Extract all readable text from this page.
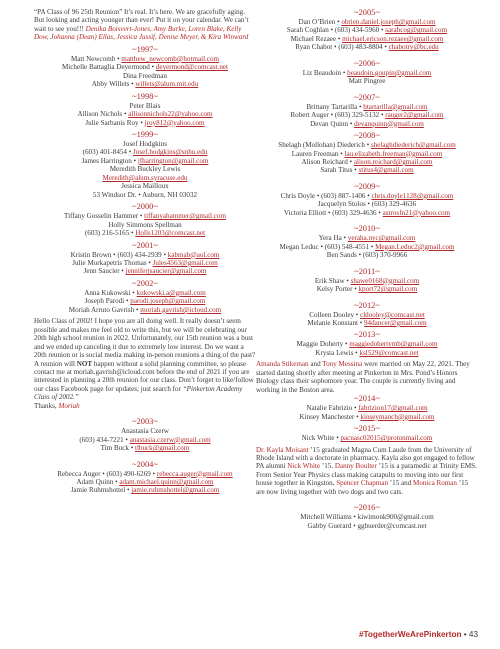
“PA Class of 96 25th Reunion” It’s real. It’s here. We are gracefully aging. But looking and acting younger than ever! Put it on your calendar. We can’t wait to see you!!! Denika Boisvert-Jones, Amy Burke, Loren Blake, Kelly Dow, Johanna (Dean) Ellas, Jessica Jussif, Denise Meyer, & Kira Winward

~1997~
Matt Newcomb • matthew_newcomb@hotmail.com
Michelle Battaglia Deyermond • deyermond@comcast.net
Dina Freedman
Abby Willets • willets@alum.mit.edu
~1998~
Peter Blais
Allison Nichols • allisonnichols22@yahoo.com
Julie Sarbanis Roy • jroy812@yahoo.com
~1999~
Josef Hodgkins
(603) 401-8454 • Josef.hodgkins@snhu.edu
James Harrington • jfharrington@gmail.com
Meredith Buckley Lewis
Meredith@alum.syracuse.edu
Jessica Mailloux
53 Windsor Dr. • Auburn, NH 03032
~2000~
Tiffany Gosselin Hammer • tiffanyahammer@gmail.com
Holly Simmons Spellman
(603) 216-5165 • Holls1203@comcast.net
~2001~
Kristin Brown • (603) 434-2939 • kabmab@aol.com
Julie Morkapetris Thomas • Jules4563@gmail.com
Jenn Saucier • jenniferjsaucier@gmail.com
~2002~
Anna Kukowski • kukowski.a@gmail.com
Joseph Parodi • parodi.joseph@gmail.com
Moriah Arruto Gavrish • moriah.gavrish@icloud.com

Hello Class of 2002! I hope you are all doing well. It really doesn’t seem possible and makes me feel old to write this, but we will be celebrating our 20th high school reunion in 2022. Unfortunately, our 15th reunion was a bust and we ended up canceling it due to extremely low interest. Do we want a 20th reunion or is social media making in-person reunions a thing of the past? A reunion will NOT happen without a solid planning committee, so please contact me at moriah.gavrish@icloud.com before the end of 2021 if you are interested in planning a 20th reunion for our class. Don’t forget to like/follow our class Facebook page for updates; just search for “Pinkerton Academy Class of 2002.”

Thanks, Moriah
~2003~
Anastasia Czerw
(603) 434-7221 • anastasia.czerw@gmail.com
Tim Buck • tlbuck@gmail.com
~2004~
Rebecca Auger • (603) 490-6269 • rebecca.auger@gmail.com
Adam Quinn • adam.michael.quinn@gmail.com
Jamie Ruhmshottel • jamie.ruhmshottel@gmail.com
~2005~
Dan O’Brien • obrien.daniel.joseph@gmail.com
Sarah Coghlan • (603) 434-5960 • sarahcog@gmail.com
Michael Rezaee • michael.ericson.rezaee@gmail.com
Ryan Chabot • (603) 483-8804 • chabotry@bc.edu
~2006~
Liz Beaudoin • beaudoin.goupin@gmail.com
Matt Pingree
~2007~
Brittany Tartarilla • btartarilla@gmail.com
Robert Auger • (603) 329-5132 • rauger2@gmail.com
Devan Quinn • devanquinn@gmail.com
~2008~
Shelagh (Mollohan) Diederich • shelaghdiederich@gmail.com
Lauren Freeman • lau.elizabeth.freeman@gmail.com
Alison Reichard • alison.reichard@gmail.com
Sarah Titus • stitus4@gmail.com
~2009~
Chris Doyle • (603) 887-1406 • chris.doyle1128@gmail.com
Jacquelyn Stolos • (603) 329-4636
Victoria Elliott • (603) 329-4636 • astrosfn21@yahoo.com
~2010~
Yera Ha • yeraha.nyc@gmail.com
Megan Leduc • (603) 548-4551 • Megan.Leduc2@gmail.com
Ben Sands • (603) 370-9966
~2011~
Erik Shaw • shawe0168@gmail.com
Kelsy Porter • kport72@gmail.com
~2012~
Colleen Dooley • cldooley@comcast.net
Melanie Konstant • 94dancer@gmail.com
~2013~
Maggie Doherty • maggiedohertymb@gmail.com
Krysta Lewis • ksl529@comcast.net

Amanda Stikeman and Tony Messina were married on May 22, 2021. They started dating shortly after meeting at Pinkerton in Mrs. Pond’s Honors Biology class their sophomore year. The couple is currently living and working in the Boston area.

~2014~
Natalie Fabrizio • fabrizion17@gmail.com
Kinsey Manchester • kinseymanch@gmail.com
~2015~
Nick White • pacnasc02015@protonmail.com

Dr. Kayla Moisant ’15 graduated Magna Cum Laude from the University of Rhode Island with a doctorate in pharmacy. Kayla also got engaged to fellow PA alumni Nick White ’15. Danny Boulter ’15 is a paramedic at Trinity EMS. From Senior Year Physics class making catapults to moving into our first house together in Kingston, Spencer Chapman ’15 and Monica Roman ’15 are now living together with two dogs and two cats.

~2016~
Mitchell Williams • kiwimonk900@gmail.com
Gabby Guerard • ggbuerder@comcast.net
#TogetherWeArePinkerton • 43
